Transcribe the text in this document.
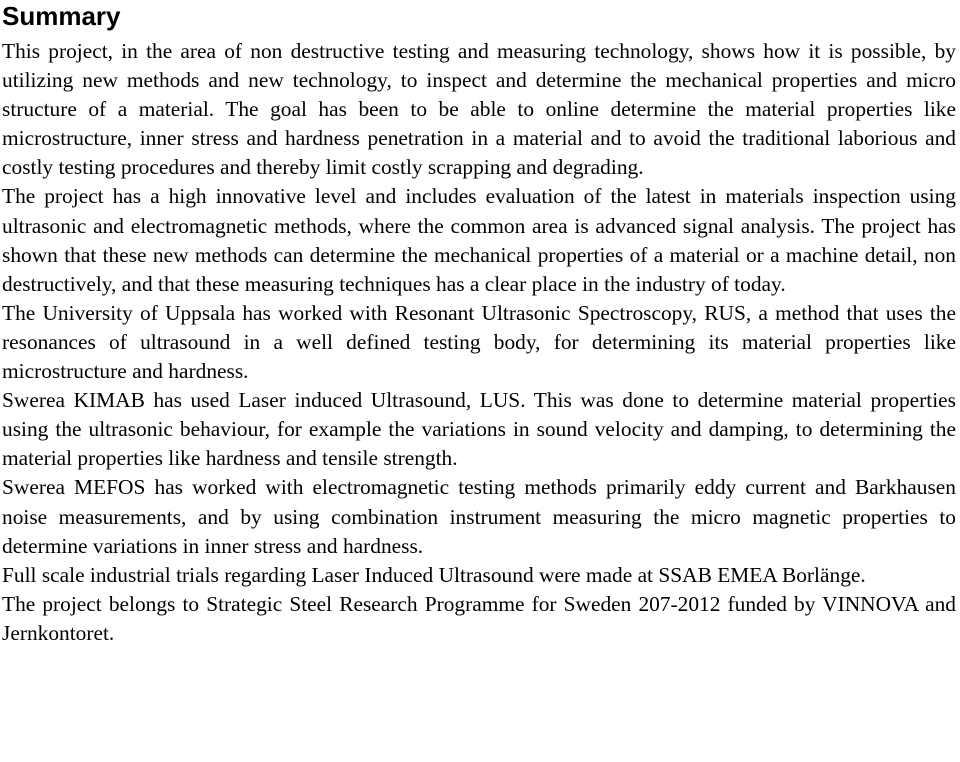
Summary

This project, in the area of non destructive testing and measuring technology, shows how it is possible, by utilizing new methods and new technology, to inspect and determine the mechanical properties and micro structure of a material. The goal has been to be able to online determine the material properties like microstructure, inner stress and hardness penetration in a material and to avoid the traditional laborious and costly testing procedures and thereby limit costly scrapping and degrading.

The project has a high innovative level and includes evaluation of the latest in materials inspection using ultrasonic and electromagnetic methods, where the common area is advanced signal analysis. The project has shown that these new methods can determine the mechanical properties of a material or a machine detail, non destructively, and that these measuring techniques has a clear place in the industry of today.

The University of Uppsala has worked with Resonant Ultrasonic Spectroscopy, RUS, a method that uses the resonances of ultrasound in a well defined testing body, for determining its material properties like microstructure and hardness.

Swerea KIMAB has used Laser induced Ultrasound, LUS. This was done to determine material properties using the ultrasonic behaviour, for example the variations in sound velocity and damping, to determining the material properties like hardness and tensile strength.

Swerea MEFOS has worked with electromagnetic testing methods primarily eddy current and Barkhausen noise measurements, and by using combination instrument measuring the micro magnetic properties to determine variations in inner stress and hardness.

Full scale industrial trials regarding Laser Induced Ultrasound were made at SSAB EMEA Borlänge.

The project belongs to Strategic Steel Research Programme for Sweden 207-2012 funded by VINNOVA and Jernkontoret.
